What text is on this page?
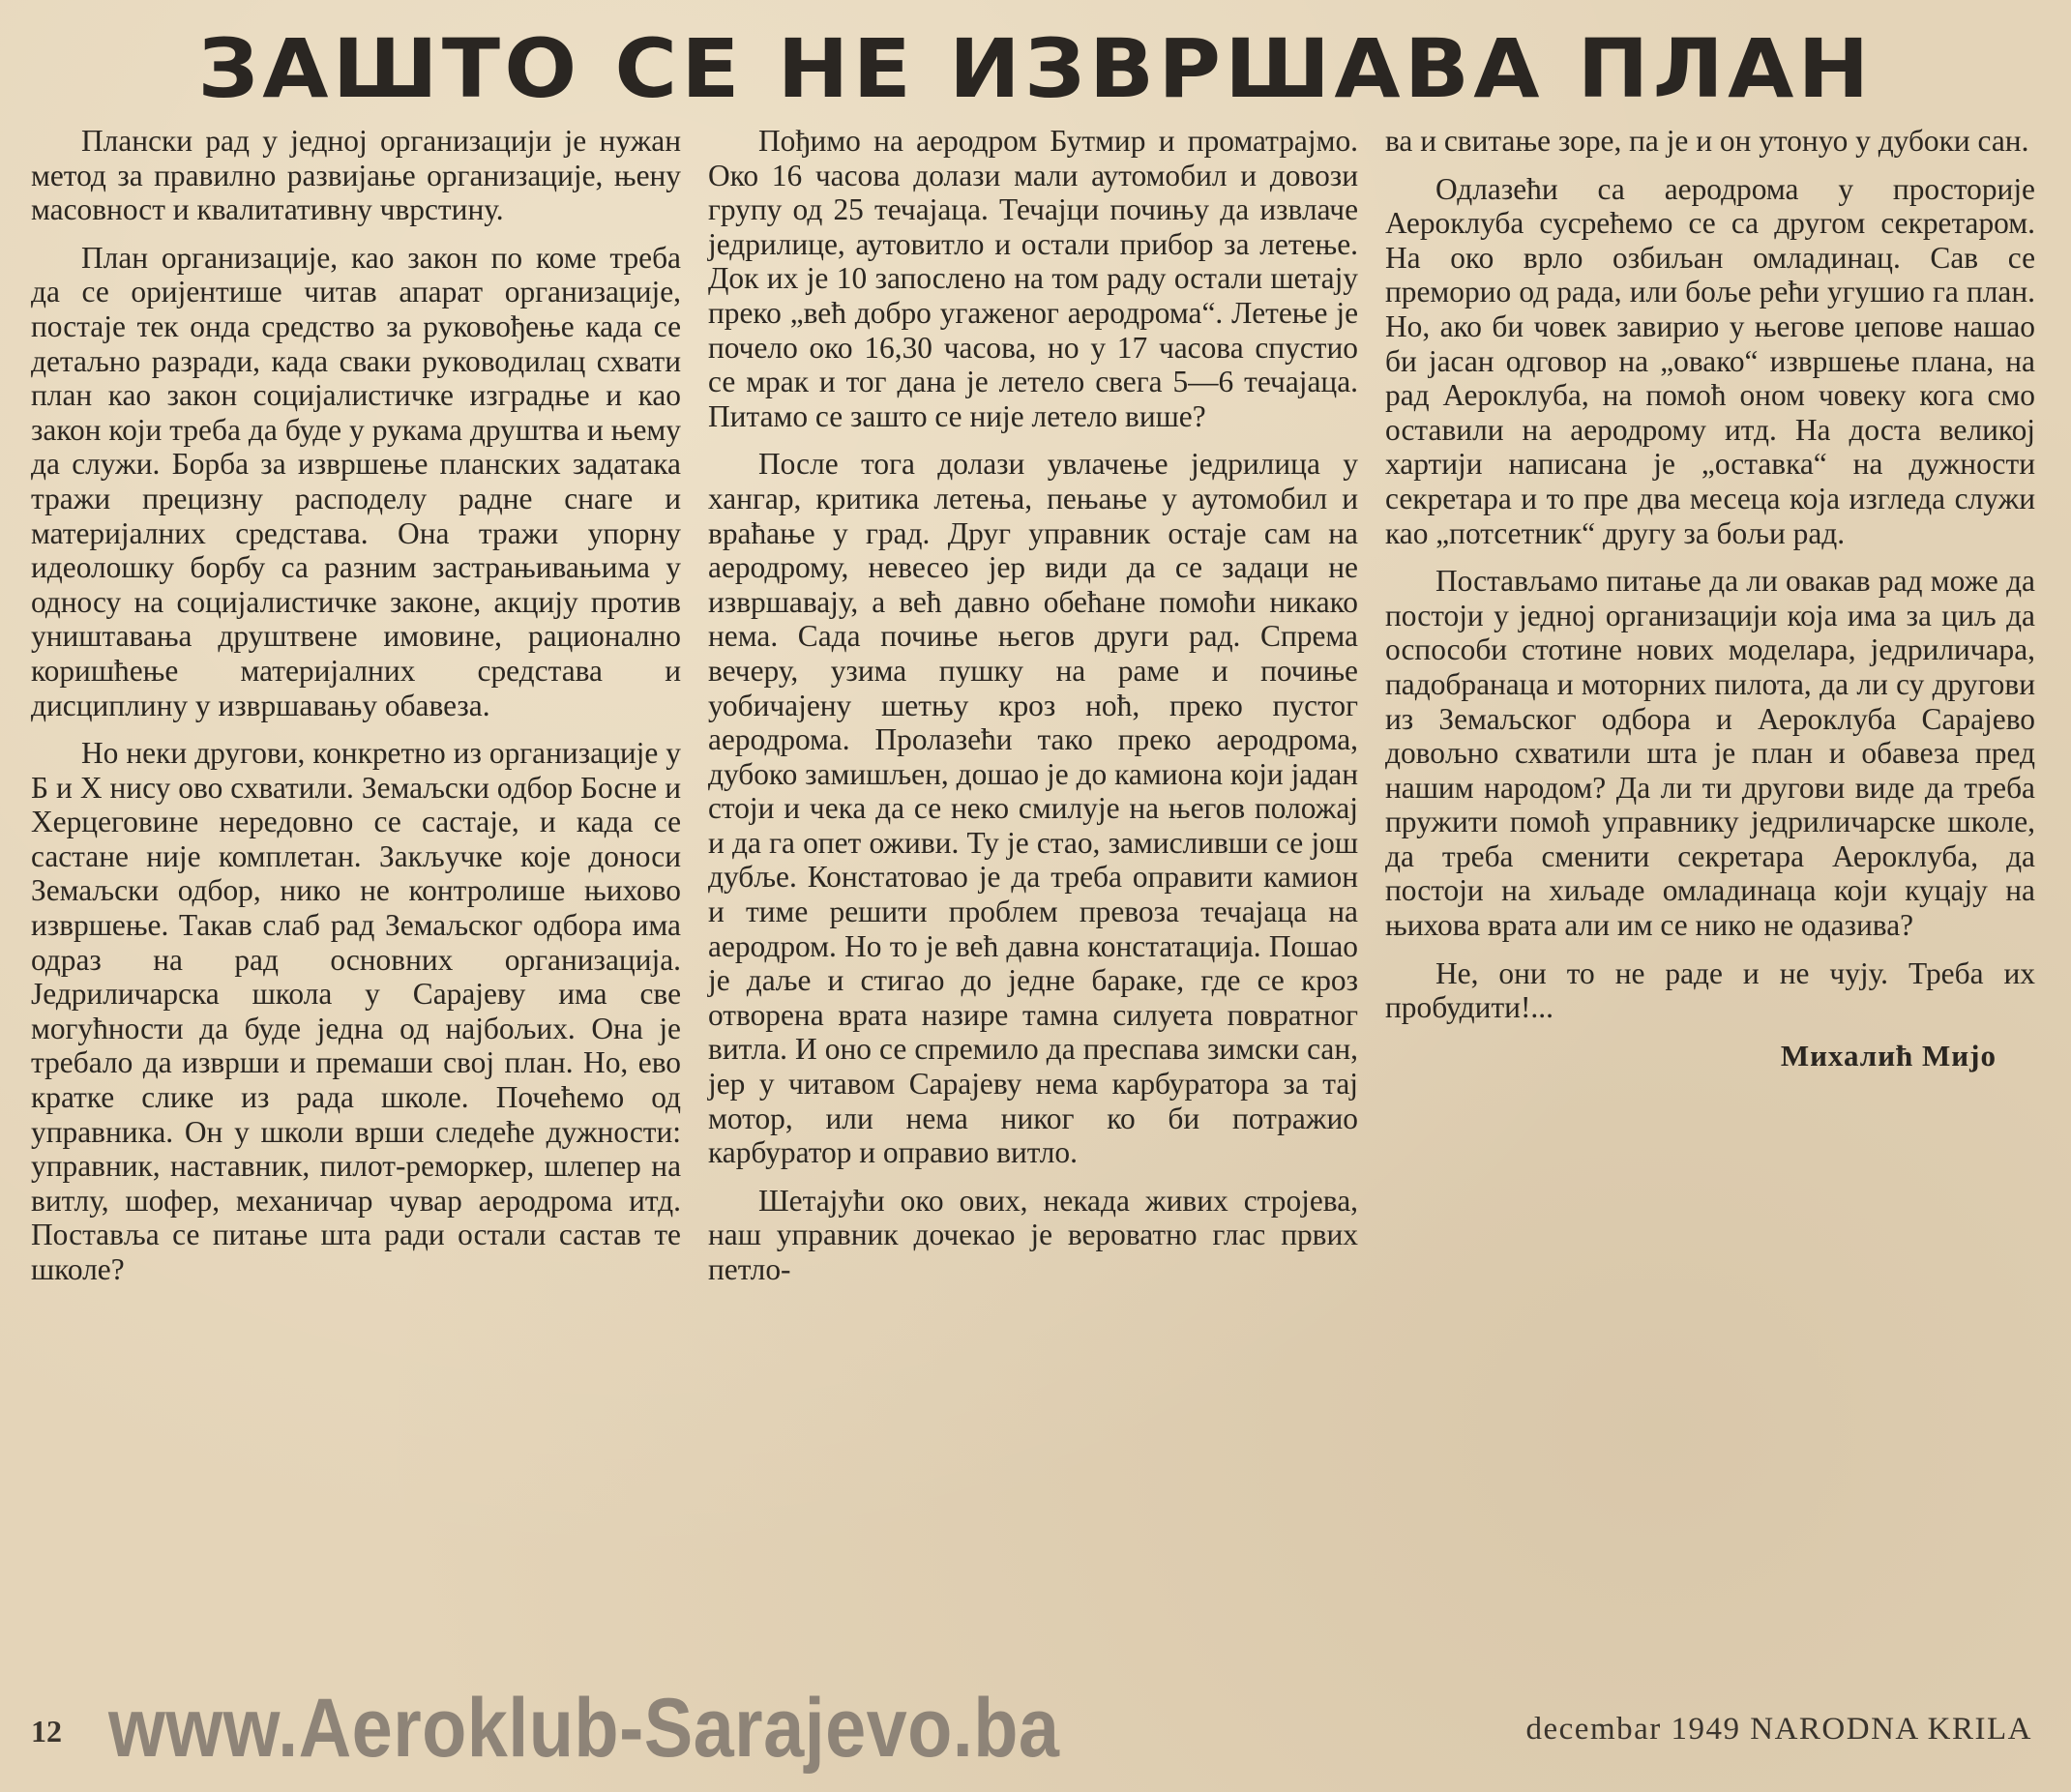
ЗАШТО СЕ НЕ ИЗВРШАВА ПЛАН

Плански рад у једној организацији је нужан метод за правилно развијање организације, њену масовност и квалитативну чврстину.

План организације, као закон по коме треба да се оријентише читав апарат организације, постаје тек онда средство за руковођење када се детаљно разради, када сваки руководилац схвати план као закон социјалистичке изградње и као закон који треба да буде у рукама друштва и њему да служи. Борба за извршење планских задатака тражи прецизну расподелу радне снаге и материјалних средстава. Она тражи упорну идеолошку борбу са разним застрањивањима у односу на социјалистичке законе, акцију против уништавања друштвене имовине, рационално коришћење материјалних средстава и дисциплину у извршавању обавеза.

Но неки другови, конкретно из организације у Б и Х нису ово схватили. Земаљски одбор Босне и Херцеговине нередовно се састаје, и када се састане није комплетан. Закључке које доноси Земаљски одбор, нико не контролише њихово извршење. Такав слаб рад Земаљског одбора има одраз на рад основних организација. Једриличарска школа у Сарајеву има све могућности да буде једна од најбољих. Она је требало да изврши и премаши свој план. Но, ево кратке слике из рада школе. Почећемо од управника. Он у школи врши следеће дужности: управник, наставник, пилот-реморкер, шлепер на витлу, шофер, механичар чувар аеродрома итд. Поставља се питање шта ради остали састав те школе?

Пођимо на аеродром Бутмир и проматрајмо. Око 16 часова долази мали аутомобил и довози групу од 25 течајаца. Течајци почињу да извлаче једрилице, аутовитло и остали прибор за летење. Док их је 10 запослено на том раду остали шетају преко „већ добро угаженог аеродрома“. Летење је почело око 16,30 часова, но у 17 часова спустио се мрак и тог дана је летело свега 5—6 течајаца. Питамо се зашто се није летело више?

После тога долази увлачење једрилица у хангар, критика летења, пењање у аутомобил и враћање у град. Друг управник остаје сам на аеродрому, невесео јер види да се задаци не извршавају, а већ давно обећане помоћи никако нема. Сада почиње његов други рад. Спрема вечеру, узима пушку на раме и почиње уобичајену шетњу кроз ноћ, преко пустог аеродрома. Пролазећи тако преко аеродрома, дубоко замишљен, дошао је до камиона који јадан стоји и чека да се неко смилује на његов положај и да га опет оживи. Ту је стао, замисливши се још дубље. Констатовао је да треба оправити камион и тиме решити проблем превоза течајаца на аеродром. Но то је већ давна констатација. Пошао је даље и стигао до једне бараке, где се кроз отворена врата назире тамна силуета повратног витла. И оно се спремило да преспава зимски сан, јер у читавом Сарајеву нема карбуратора за тај мотор, или нема никог ко би потражио карбуратор и оправио витло.

Шетајући око ових, некада живих стројева, наш управник дочекао је вероватно глас првих петло-

ва и свитање зоре, па је и он утонуо у дубоки сан.

Одлазећи са аеродрома у просторије Аероклуба сусрећемо се са другом секретаром. На око врло озбиљан омладинац. Сав се преморио од рада, или боље рећи угушио га план. Но, ако би човек завирио у његове џепове нашао би јасан одговор на „овако“ извршење плана, на рад Аероклуба, на помоћ оном човеку кога смо оставили на аеродрому итд. На доста великој хартији написана је „оставка“ на дужности секретара и то пре два месеца која изгледа служи као „потсетник“ другу за бољи рад.

Постављамо питање да ли овакав рад може да постоји у једној организацији која има за циљ да оспособи стотине нових моделара, једриличара, падобранаца и моторних пилота, да ли су другови из Земаљског одбора и Аероклуба Сарајево довољно схватили шта је план и обавеза пред нашим народом? Да ли ти другови виде да треба пружити помоћ управнику једриличарске школе, да треба сменити секретара Аероклуба, да постоји на хиљаде омладинаца који куцају на њихова врата али им се нико не одазива?

Не, они то не раде и не чују. Треба их пробудити!...

Михалић Мијо
12 www.Aeroklub-Sarajevo.ba	decembar 1949 NARODNA KRILA
